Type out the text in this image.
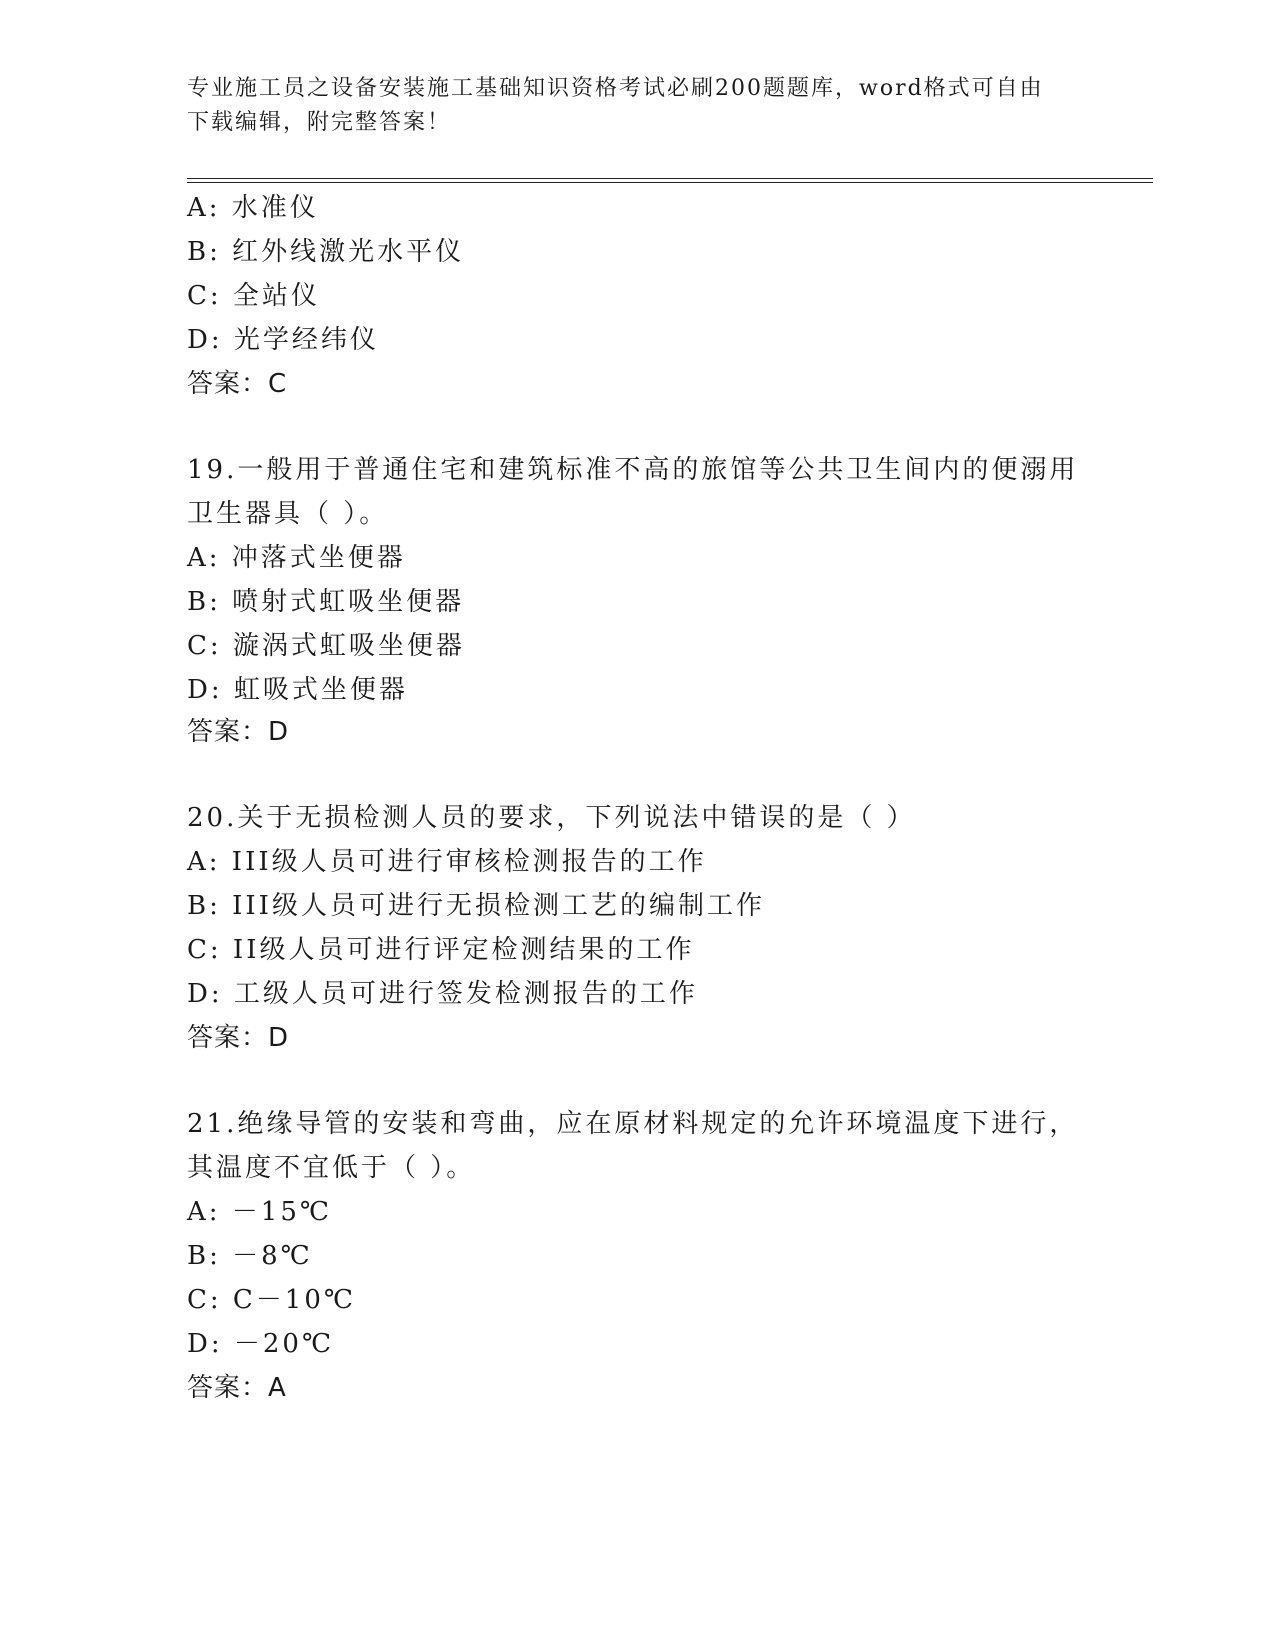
专业施工员之设备安装施工基础知识资格考试必刷200题题库，word格式可自由
下载编辑，附完整答案！
A: 水准仪
B: 红外线激光水平仪
C: 全站仪
D: 光学经纬仪
答案：C
19.一般用于普通住宅和建筑标准不高的旅馆等公共卫生间内的便溺用
卫生器具（ ）。
A: 冲落式坐便器
B: 喷射式虹吸坐便器
C: 漩涡式虹吸坐便器
D: 虹吸式坐便器
答案：D
20.关于无损检测人员的要求，下列说法中错误的是（ ）
A: III级人员可进行审核检测报告的工作
B: III级人员可进行无损检测工艺的编制工作
C: II级人员可进行评定检测结果的工作
D: 工级人员可进行签发检测报告的工作
答案：D
21.绝缘导管的安装和弯曲，应在原材料规定的允许环境温度下进行，
其温度不宜低于（ ）。
A: －15℃
B: －8℃
C: C－10℃
D: －20℃
答案：A
